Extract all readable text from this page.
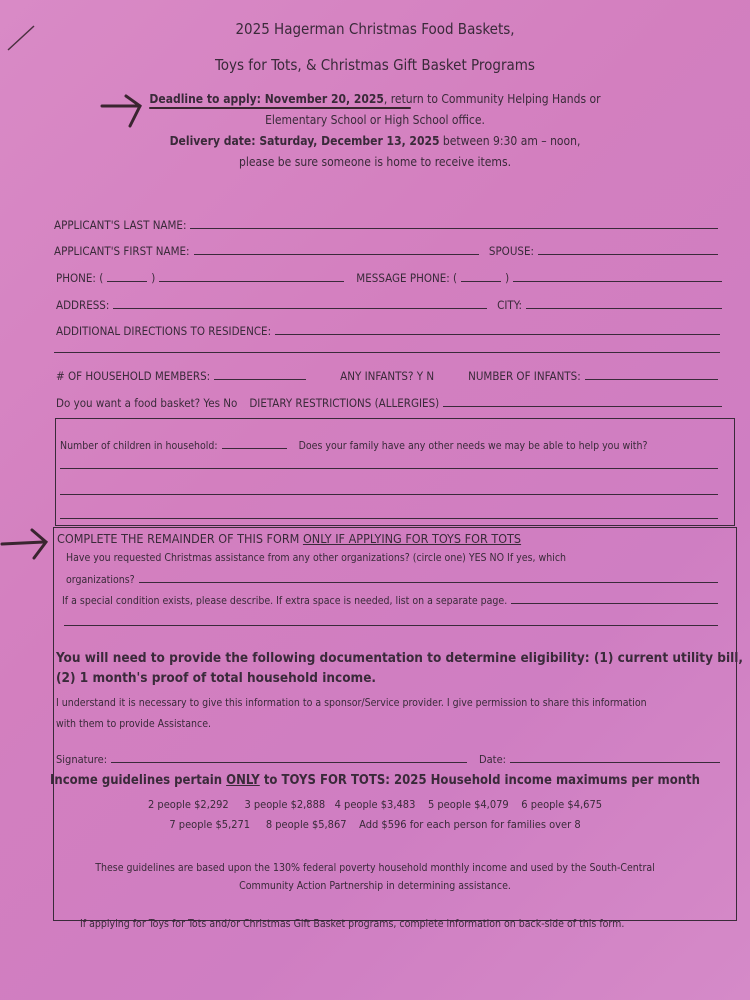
2025 Hagerman Christmas Food Baskets,
Toys for Tots, & Christmas Gift Basket Programs
Deadline to apply: November 20, 2025, return to Community Helping Hands or
Elementary School or High School office.
Delivery date: Saturday, December 13, 2025 between 9:30 am – noon,
please be sure someone is home to receive items.
APPLICANT'S LAST NAME:
APPLICANT'S FIRST NAME:	SPOUSE:
PHONE: (	)	MESSAGE PHONE: (	)
ADDRESS:	CITY:
ADDITIONAL DIRECTIONS TO RESIDENCE:
# OF HOUSEHOLD MEMBERS:	ANY INFANTS? Y N	NUMBER OF INFANTS:
Do you want a food basket? Yes No DIETARY RESTRICTIONS (ALLERGIES)
Number of children in household:	Does your family have any other needs we may be able to help you with?
COMPLETE THE REMAINDER OF THIS FORM ONLY IF APPLYING FOR TOYS FOR TOTS
Have you requested Christmas assistance from any other organizations? (circle one) YES NO If yes, which
organizations?
If a special condition exists, please describe. If extra space is needed, list on a separate page.
You will need to provide the following documentation to determine eligibility: (1) current utility bill,
(2) 1 month's proof of total household income.
I understand it is necessary to give this information to a sponsor/Service provider. I give permission to share this information
with them to provide Assistance.
Signature:	Date:
Income guidelines pertain ONLY to TOYS FOR TOTS: 2025 Household income maximums per month
2 people $2,292 3 people $2,888 4 people $3,483 5 people $4,079 6 people $4,675
7 people $5,271 8 people $5,867 Add $596 for each person for families over 8
These guidelines are based upon the 130% federal poverty household monthly income and used by the South-Central
Community Action Partnership in determining assistance.
If applying for Toys for Tots and/or Christmas Gift Basket programs, complete information on back-side of this form.
